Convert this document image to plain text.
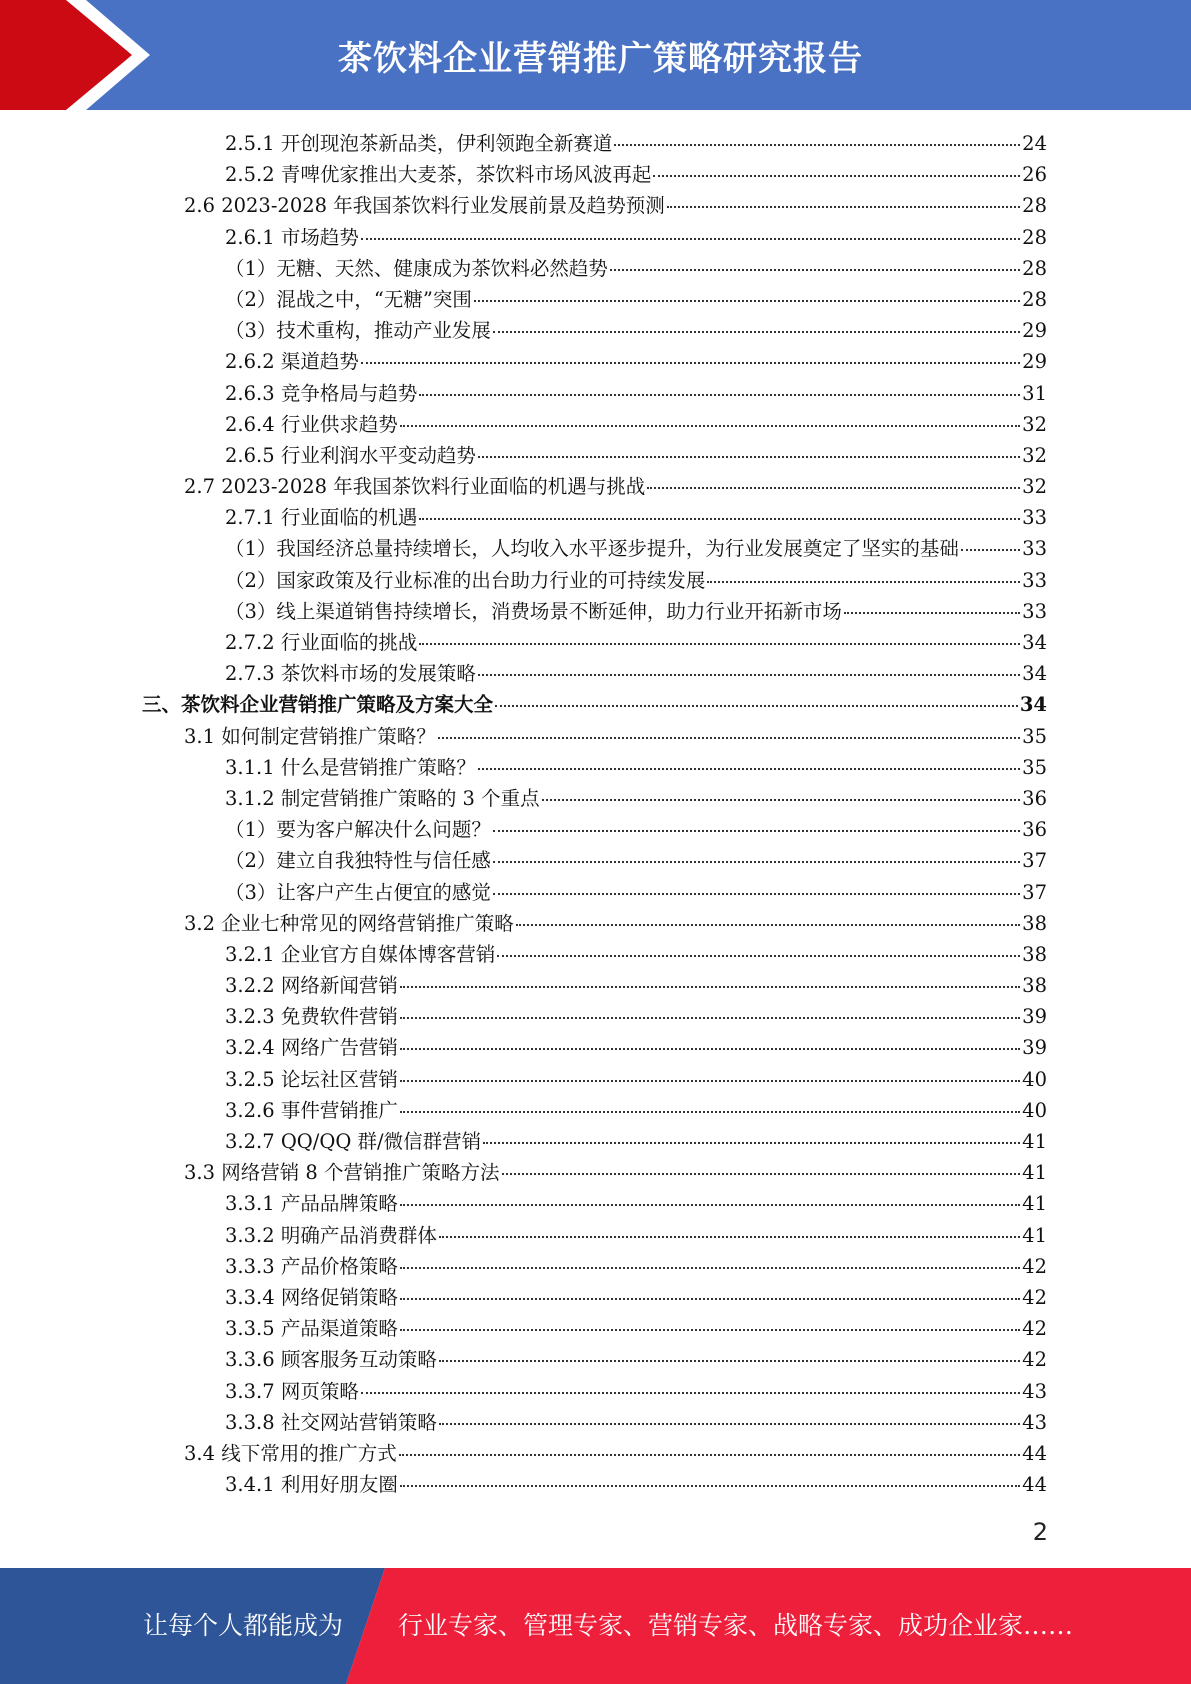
茶饮料企业营销推广策略研究报告
2.5.1 开创现泡茶新品类，伊利领跑全新赛道	24
2.5.2 青啤优家推出大麦茶，茶饮料市场风波再起	26
2.6 2023-2028 年我国茶饮料行业发展前景及趋势预测	28
2.6.1 市场趋势	28
（1）无糖、天然、健康成为茶饮料必然趋势	28
（2）混战之中，“无糖”突围	28
（3）技术重构，推动产业发展	29
2.6.2 渠道趋势	29
2.6.3 竞争格局与趋势	31
2.6.4 行业供求趋势	32
2.6.5 行业利润水平变动趋势	32
2.7 2023-2028 年我国茶饮料行业面临的机遇与挑战	32
2.7.1 行业面临的机遇	33
（1）我国经济总量持续增长，人均收入水平逐步提升，为行业发展奠定了坚实的基础	33
（2）国家政策及行业标准的出台助力行业的可持续发展	33
（3）线上渠道销售持续增长，消费场景不断延伸，助力行业开拓新市场	33
2.7.2 行业面临的挑战	34
2.7.3 茶饮料市场的发展策略	34
三、茶饮料企业营销推广策略及方案大全	34
3.1 如何制定营销推广策略？	35
3.1.1 什么是营销推广策略？	35
3.1.2 制定营销推广策略的 3 个重点	36
（1）要为客户解决什么问题？	36
（2）建立自我独特性与信任感	37
（3）让客户产生占便宜的感觉	37
3.2 企业七种常见的网络营销推广策略	38
3.2.1 企业官方自媒体博客营销	38
3.2.2 网络新闻营销	38
3.2.3 免费软件营销	39
3.2.4 网络广告营销	39
3.2.5 论坛社区营销	40
3.2.6 事件营销推广	40
3.2.7 QQ/QQ 群/微信群营销	41
3.3 网络营销 8 个营销推广策略方法	41
3.3.1 产品品牌策略	41
3.3.2 明确产品消费群体	41
3.3.3 产品价格策略	42
3.3.4 网络促销策略	42
3.3.5 产品渠道策略	42
3.3.6 顾客服务互动策略	42
3.3.7 网页策略	43
3.3.8 社交网站营销策略	43
3.4 线下常用的推广方式	44
3.4.1 利用好朋友圈	44
2
让每个人都能成为 行业专家、管理专家、营销专家、战略专家、成功企业家……
